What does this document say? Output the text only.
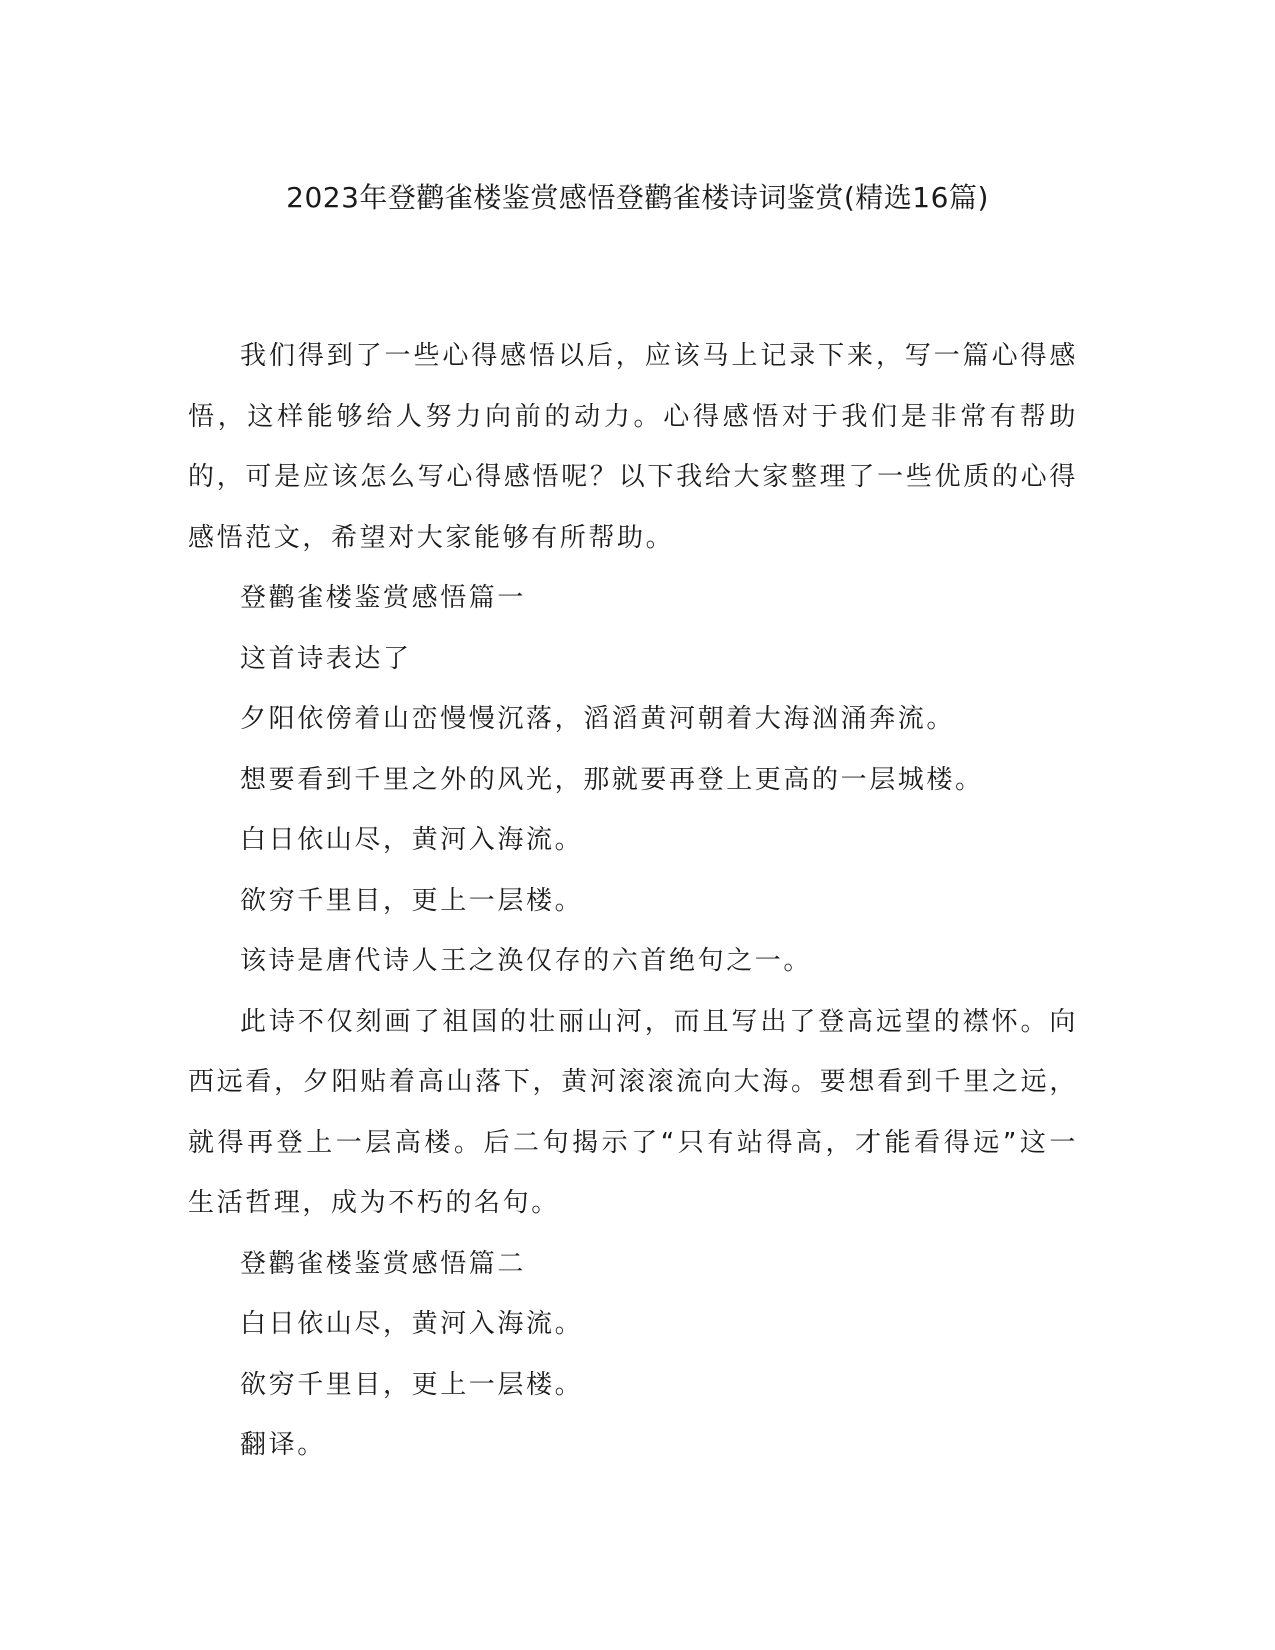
2023年登鹳雀楼鉴赏感悟登鹳雀楼诗词鉴赏(精选16篇)

我们得到了一些心得感悟以后，应该马上记录下来，写一篇心得感悟，这样能够给人努力向前的动力。心得感悟对于我们是非常有帮助的，可是应该怎么写心得感悟呢？以下我给大家整理了一些优质的心得感悟范文，希望对大家能够有所帮助。

登鹳雀楼鉴赏感悟篇一

这首诗表达了

夕阳依傍着山峦慢慢沉落，滔滔黄河朝着大海汹涌奔流。

想要看到千里之外的风光，那就要再登上更高的一层城楼。

白日依山尽，黄河入海流。

欲穷千里目，更上一层楼。

该诗是唐代诗人王之涣仅存的六首绝句之一。

此诗不仅刻画了祖国的壮丽山河，而且写出了登高远望的襟怀。向西远看，夕阳贴着高山落下，黄河滚滚流向大海。要想看到千里之远，就得再登上一层高楼。后二句揭示了“只有站得高，才能看得远”这一生活哲理，成为不朽的名句。

登鹳雀楼鉴赏感悟篇二

白日依山尽，黄河入海流。

欲穷千里目，更上一层楼。

翻译。
